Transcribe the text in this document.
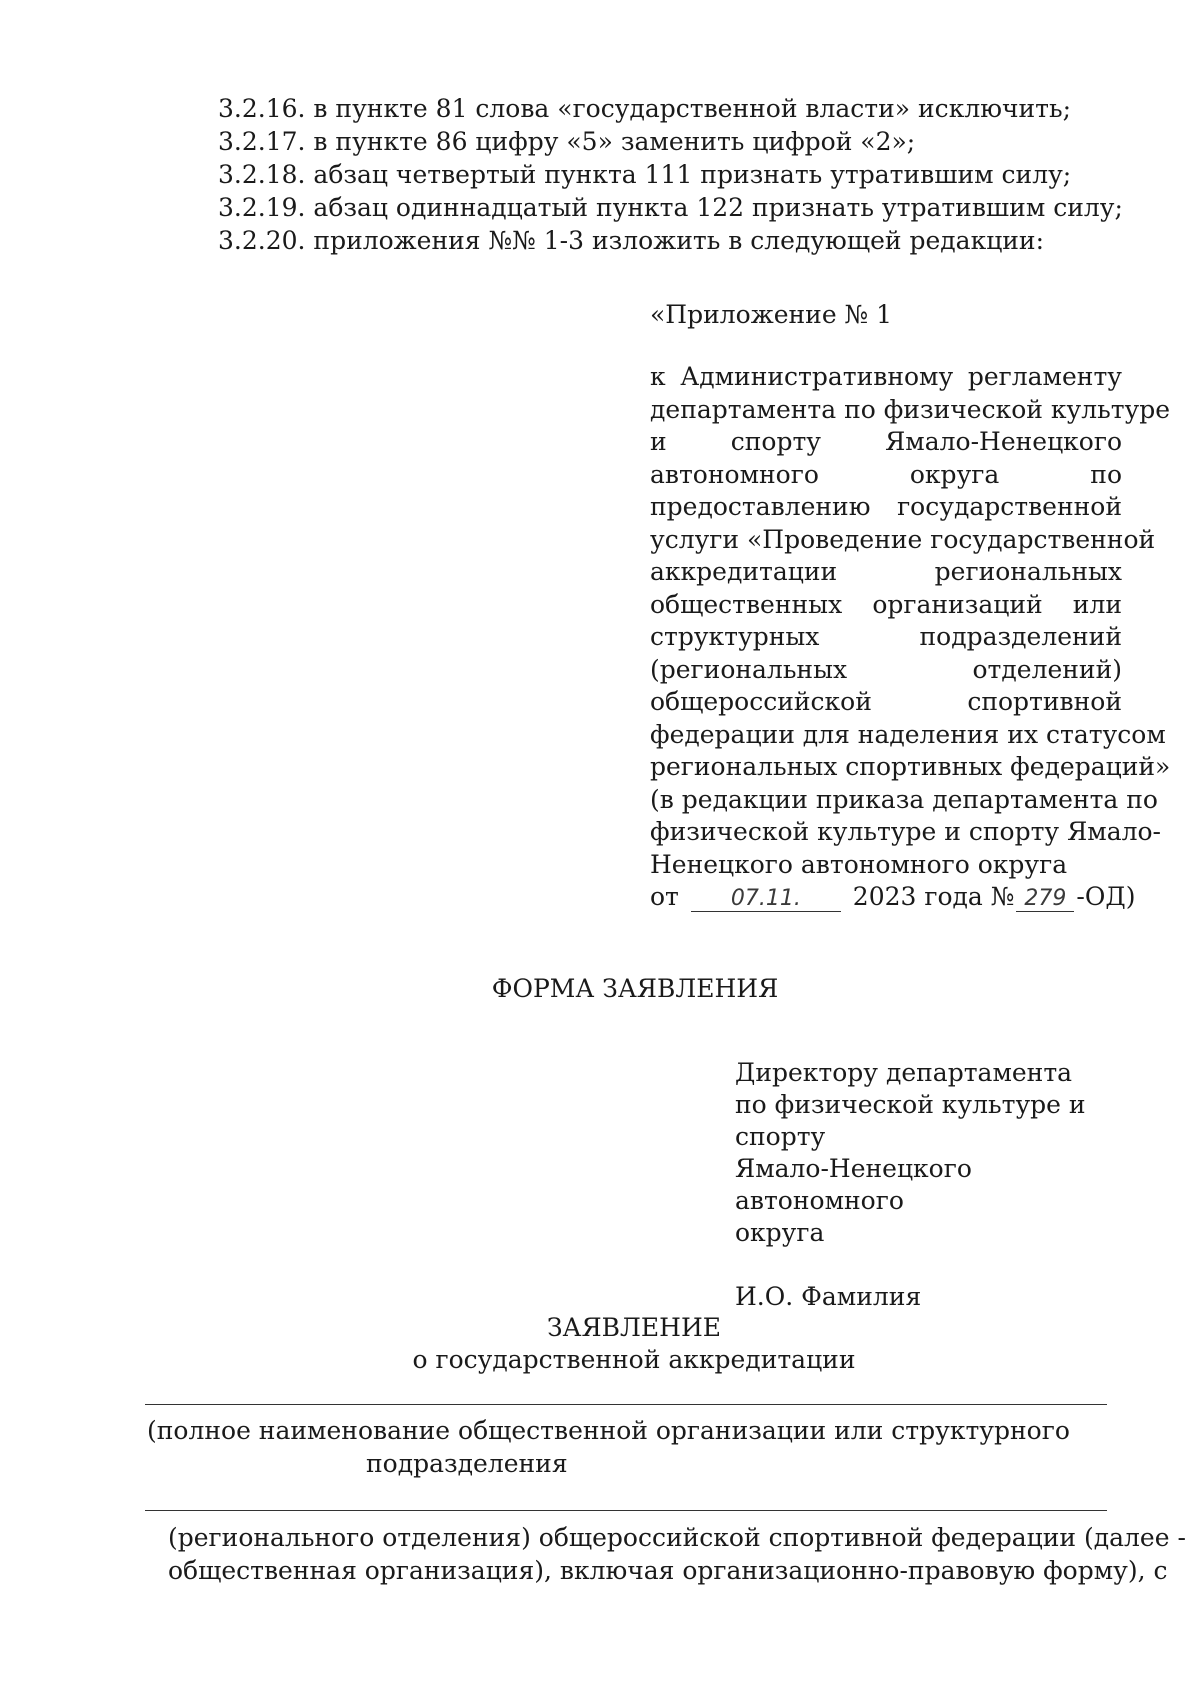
3.2.16. в пункте 81 слова «государственной власти» исключить;
3.2.17. в пункте 86 цифру «5» заменить цифрой «2»;
3.2.18. абзац четвертый пункта 111 признать утратившим силу;
3.2.19. абзац одиннадцатый пункта 122 признать утратившим силу;
3.2.20. приложения №№ 1-3 изложить в следующей редакции:
«Приложение № 1
к Административному регламенту
департамента по физической культуре
и спорту Ямало-Ненецкого
автономного округа по
предоставлению государственной
услуги «Проведение государственной
аккредитации региональных
общественных организаций или
структурных подразделений
(региональных отделений)
общероссийской спортивной
федерации для наделения их статусом
региональных спортивных федераций»
(в редакции приказа департамента по
физической культуре и спорту Ямало-
Ненецкого автономного округа
от 07.11. 2023 года № 279 -ОД)
ФОРМА ЗАЯВЛЕНИЯ
Директору департамента
по физической культуре и
спорту
Ямало-Ненецкого автономного
округа
И.О. Фамилия
ЗАЯВЛЕНИЕ
о государственной аккредитации
(полное наименование общественной организации или структурного
подразделения
(регионального отделения) общероссийской спортивной федерации (далее -
общественная организация), включая организационно-правовую форму), с
